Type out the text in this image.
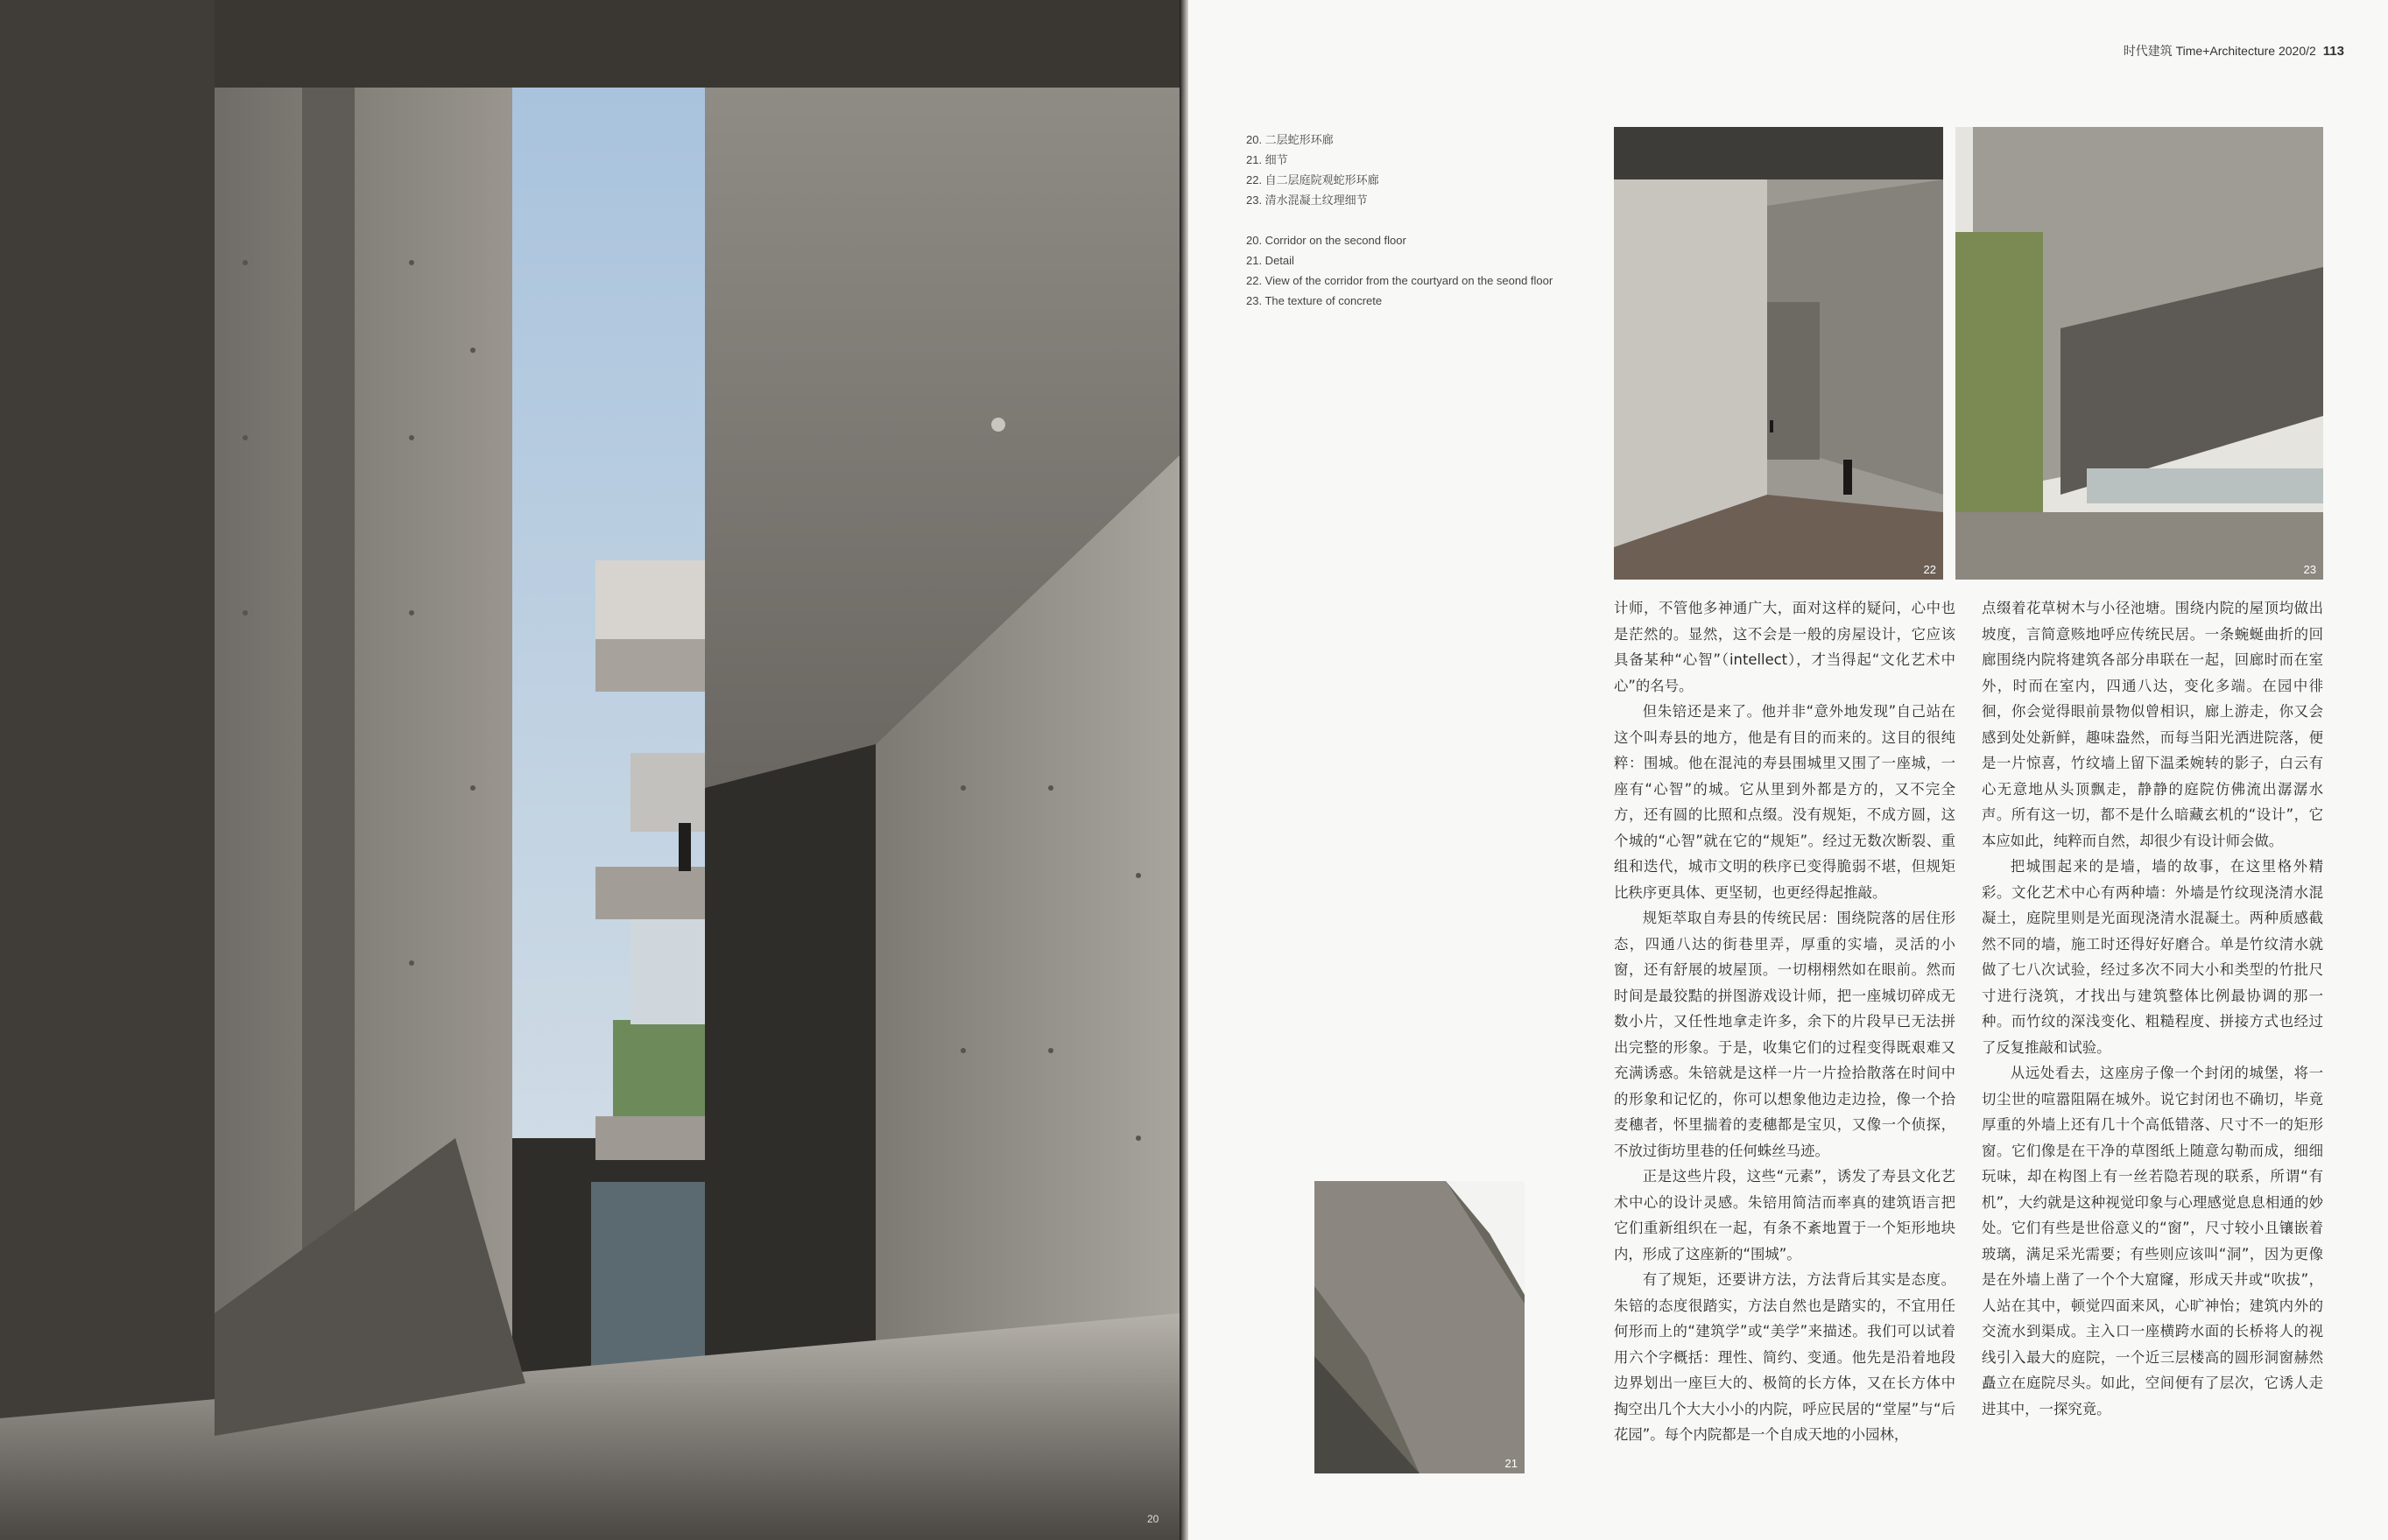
20
时代建筑 Time+Architecture 2020/2 113
20. 二层蛇形环廊
21. 细节
22. 自二层庭院观蛇形环廊
23. 清水混凝土纹理细节
20. Corridor on the second floor
21. Detail
22. View of the corridor from the courtyard on the seond floor
23. The texture of concrete
22	23
21

计师，不管他多神通广大，面对这样的疑问，心中也是茫然的。显然，这不会是一般的房屋设计，它应该具备某种“心智”（intellect），才当得起“文化艺术中心”的名号。

但朱锫还是来了。他并非“意外地发现”自己站在这个叫寿县的地方，他是有目的而来的。这目的很纯粹：围城。他在混沌的寿县围城里又围了一座城，一座有“心智”的城。它从里到外都是方的，又不完全方，还有圆的比照和点缀。没有规矩，不成方圆，这个城的“心智”就在它的“规矩”。经过无数次断裂、重组和迭代，城市文明的秩序已变得脆弱不堪，但规矩比秩序更具体、更坚韧，也更经得起推敲。

规矩萃取自寿县的传统民居：围绕院落的居住形态，四通八达的街巷里弄，厚重的实墙，灵活的小窗，还有舒展的坡屋顶。一切栩栩然如在眼前。然而时间是最狡黠的拼图游戏设计师，把一座城切碎成无数小片，又任性地拿走许多，余下的片段早已无法拼出完整的形象。于是，收集它们的过程变得既艰难又充满诱惑。朱锫就是这样一片一片捡拾散落在时间中的形象和记忆的，你可以想象他边走边捡，像一个拾麦穗者，怀里揣着的麦穗都是宝贝，又像一个侦探，不放过街坊里巷的任何蛛丝马迹。

正是这些片段，这些“元素”，诱发了寿县文化艺术中心的设计灵感。朱锫用简洁而率真的建筑语言把它们重新组织在一起，有条不紊地置于一个矩形地块内，形成了这座新的“围城”。

有了规矩，还要讲方法，方法背后其实是态度。朱锫的态度很踏实，方法自然也是踏实的，不宜用任何形而上的“建筑学”或“美学”来描述。我们可以试着用六个字概括：理性、简约、变通。他先是沿着地段边界划出一座巨大的、极简的长方体，又在长方体中掏空出几个大大小小的内院，呼应民居的“堂屋”与“后花园”。每个内院都是一个自成天地的小园林，

点缀着花草树木与小径池塘。围绕内院的屋顶均做出坡度，言简意赅地呼应传统民居。一条蜿蜒曲折的回廊围绕内院将建筑各部分串联在一起，回廊时而在室外，时而在室内，四通八达，变化多端。在园中徘徊，你会觉得眼前景物似曾相识，廊上游走，你又会感到处处新鲜，趣味盎然，而每当阳光洒进院落，便是一片惊喜，竹纹墙上留下温柔婉转的影子，白云有心无意地从头顶飘走，静静的庭院仿佛流出潺潺水声。所有这一切，都不是什么暗藏玄机的“设计”，它本应如此，纯粹而自然，却很少有设计师会做。

把城围起来的是墙，墙的故事，在这里格外精彩。文化艺术中心有两种墙：外墙是竹纹现浇清水混凝土，庭院里则是光面现浇清水混凝土。两种质感截然不同的墙，施工时还得好好磨合。单是竹纹清水就做了七八次试验，经过多次不同大小和类型的竹批尺寸进行浇筑，才找出与建筑整体比例最协调的那一种。而竹纹的深浅变化、粗糙程度、拼接方式也经过了反复推敲和试验。

从远处看去，这座房子像一个封闭的城堡，将一切尘世的喧嚣阻隔在城外。说它封闭也不确切，毕竟厚重的外墙上还有几十个高低错落、尺寸不一的矩形窗。它们像是在干净的草图纸上随意勾勒而成，细细玩味，却在构图上有一丝若隐若现的联系，所谓“有机”，大约就是这种视觉印象与心理感觉息息相通的妙处。它们有些是世俗意义的“窗”，尺寸较小且镶嵌着玻璃，满足采光需要；有些则应该叫“洞”，因为更像是在外墙上凿了一个个大窟窿，形成天井或“吹拔”，人站在其中，顿觉四面来风，心旷神怡；建筑内外的交流水到渠成。主入口一座横跨水面的长桥将人的视线引入最大的庭院，一个近三层楼高的圆形洞窗赫然矗立在庭院尽头。如此，空间便有了层次，它诱人走进其中，一探究竟。
